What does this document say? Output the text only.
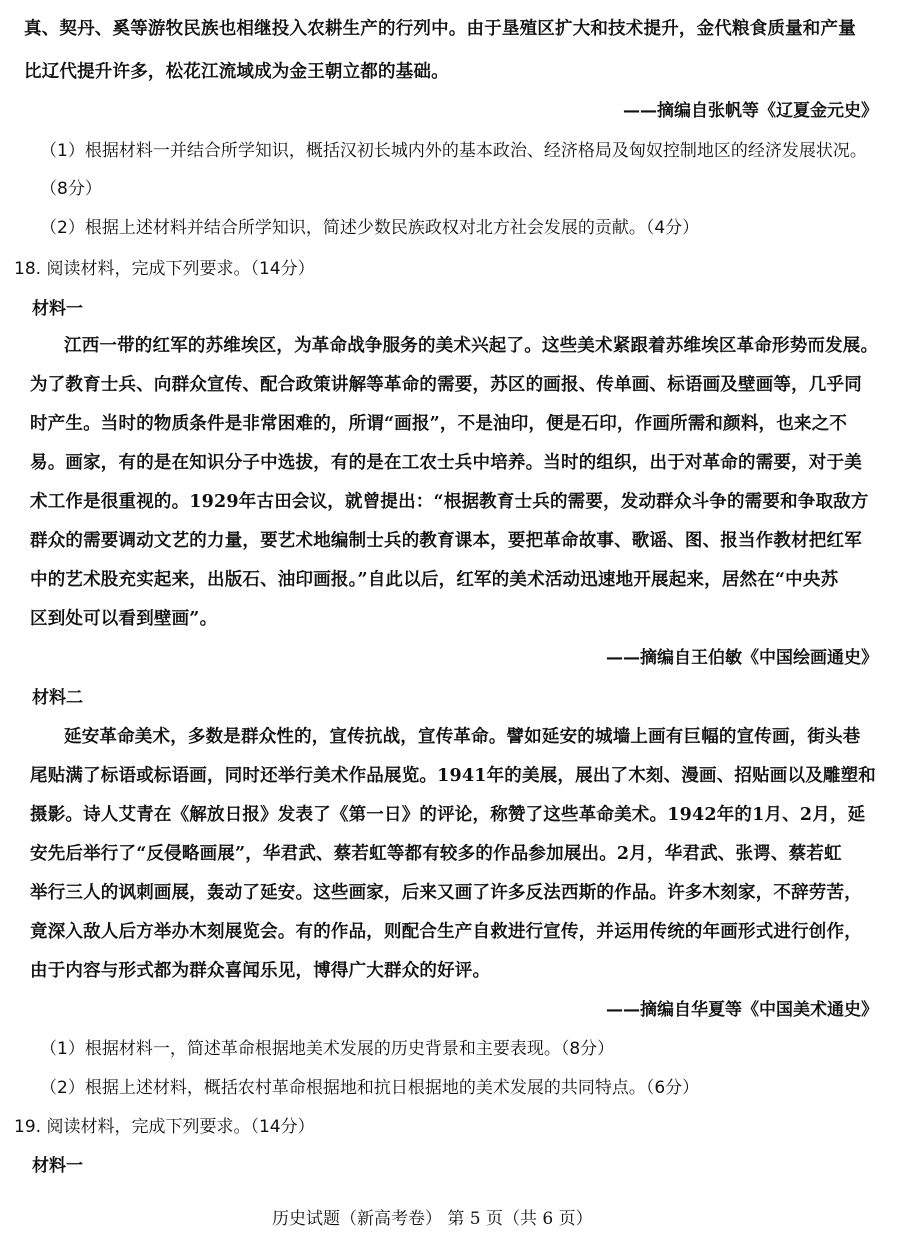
真、契丹、奚等游牧民族也相继投入农耕生产的行列中。由于垦殖区扩大和技术提升，金代粮食质量和产量
比辽代提升许多，松花江流域成为金王朝立都的基础。
——摘编自张帆等《辽夏金元史》
（1）根据材料一并结合所学知识，概括汉初长城内外的基本政治、经济格局及匈奴控制地区的经济发展状况。
（8分）
（2）根据上述材料并结合所学知识，简述少数民族政权对北方社会发展的贡献。（4分）
18. 阅读材料，完成下列要求。（14分）
材料一
江西一带的红军的苏维埃区，为革命战争服务的美术兴起了。这些美术紧跟着苏维埃区革命形势而发展。
为了教育士兵、向群众宣传、配合政策讲解等革命的需要，苏区的画报、传单画、标语画及壁画等，几乎同
时产生。当时的物质条件是非常困难的，所谓“画报”，不是油印，便是石印，作画所需和颜料，也来之不
易。画家，有的是在知识分子中选拔，有的是在工农士兵中培养。当时的组织，出于对革命的需要，对于美
术工作是很重视的。1929年古田会议，就曾提出：“根据教育士兵的需要，发动群众斗争的需要和争取敌方
群众的需要调动文艺的力量，要艺术地编制士兵的教育课本，要把革命故事、歌谣、图、报当作教材把红军
中的艺术股充实起来，出版石、油印画报。”自此以后，红军的美术活动迅速地开展起来，居然在“中央苏
区到处可以看到壁画”。
——摘编自王伯敏《中国绘画通史》
材料二
延安革命美术，多数是群众性的，宣传抗战，宣传革命。譬如延安的城墙上画有巨幅的宣传画，街头巷
尾贴满了标语或标语画，同时还举行美术作品展览。1941年的美展，展出了木刻、漫画、招贴画以及雕塑和
摄影。诗人艾青在《解放日报》发表了《第一日》的评论，称赞了这些革命美术。1942年的1月、2月，延
安先后举行了“反侵略画展”，华君武、蔡若虹等都有较多的作品参加展出。2月，华君武、张谔、蔡若虹
举行三人的讽刺画展，轰动了延安。这些画家，后来又画了许多反法西斯的作品。许多木刻家，不辞劳苦，
竟深入敌人后方举办木刻展览会。有的作品，则配合生产自救进行宣传，并运用传统的年画形式进行创作，
由于内容与形式都为群众喜闻乐见，博得广大群众的好评。
——摘编自华夏等《中国美术通史》
（1）根据材料一，简述革命根据地美术发展的历史背景和主要表现。（8分）
（2）根据上述材料，概括农村革命根据地和抗日根据地的美术发展的共同特点。（6分）
19. 阅读材料，完成下列要求。（14分）
材料一
历史试题（新高考卷） 第 5 页（共 6 页）
